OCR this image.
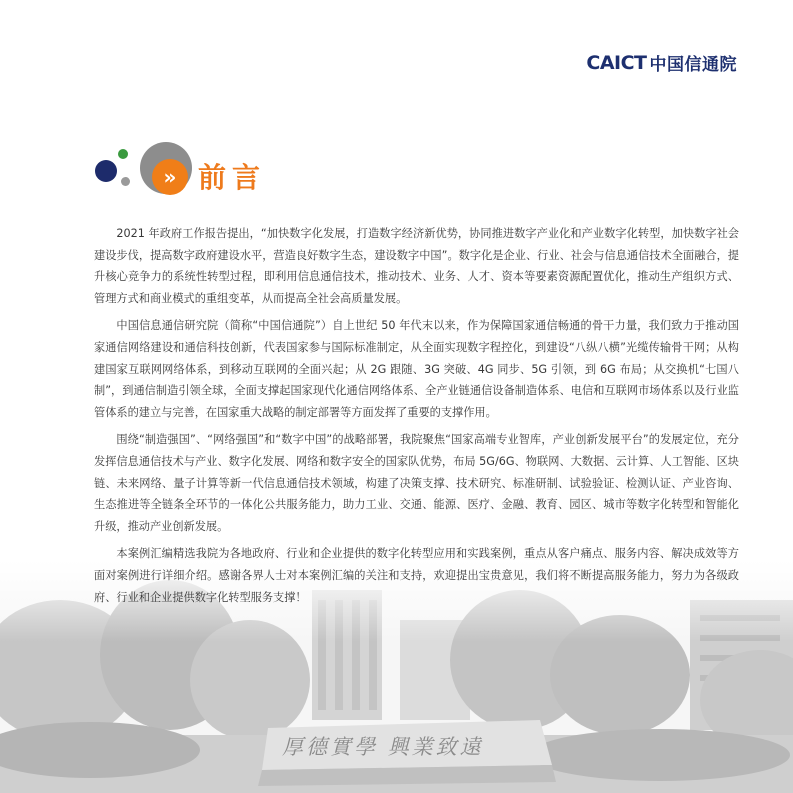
CAICT 中国信通院
» 前言

2021 年政府工作报告提出，“加快数字化发展，打造数字经济新优势，协同推进数字产业化和产业数字化转型，加快数字社会建设步伐，提高数字政府建设水平，营造良好数字生态，建设数字中国”。数字化是企业、行业、社会与信息通信技术全面融合，提升核心竞争力的系统性转型过程，即利用信息通信技术，推动技术、业务、人才、资本等要素资源配置优化，推动生产组织方式、管理方式和商业模式的重组变革，从而提高全社会高质量发展。

中国信息通信研究院（简称“中国信通院”）自上世纪 50 年代末以来，作为保障国家通信畅通的骨干力量，我们致力于推动国家通信网络建设和通信科技创新，代表国家参与国际标准制定，从全面实现数字程控化，到建设“八纵八横”光缆传输骨干网；从构建国家互联网网络体系，到移动互联网的全面兴起；从 2G 跟随、3G 突破、4G 同步、5G 引领，到 6G 布局；从交换机“七国八制”，到通信制造引领全球，全面支撑起国家现代化通信网络体系、全产业链通信设备制造体系、电信和互联网市场体系以及行业监管体系的建立与完善，在国家重大战略的制定部署等方面发挥了重要的支撑作用。

围绕“制造强国”、“网络强国”和“数字中国”的战略部署，我院聚焦“国家高端专业智库，产业创新发展平台”的发展定位，充分发挥信息通信技术与产业、数字化发展、网络和数字安全的国家队优势，布局 5G/6G、物联网、大数据、云计算、人工智能、区块链、未来网络、量子计算等新一代信息通信技术领域，构建了决策支撑、技术研究、标准研制、试验验证、检测认证、产业咨询、生态推进等全链条全环节的一体化公共服务能力，助力工业、交通、能源、医疗、金融、教育、园区、城市等数字化转型和智能化升级，推动产业创新发展。

本案例汇编精选我院为各地政府、行业和企业提供的数字化转型应用和实践案例，重点从客户痛点、服务内容、解决成效等方面对案例进行详细介绍。感谢各界人士对本案例汇编的关注和支持，欢迎提出宝贵意见，我们将不断提高服务能力，努力为各级政府、行业和企业提供数字化转型服务支撑！
